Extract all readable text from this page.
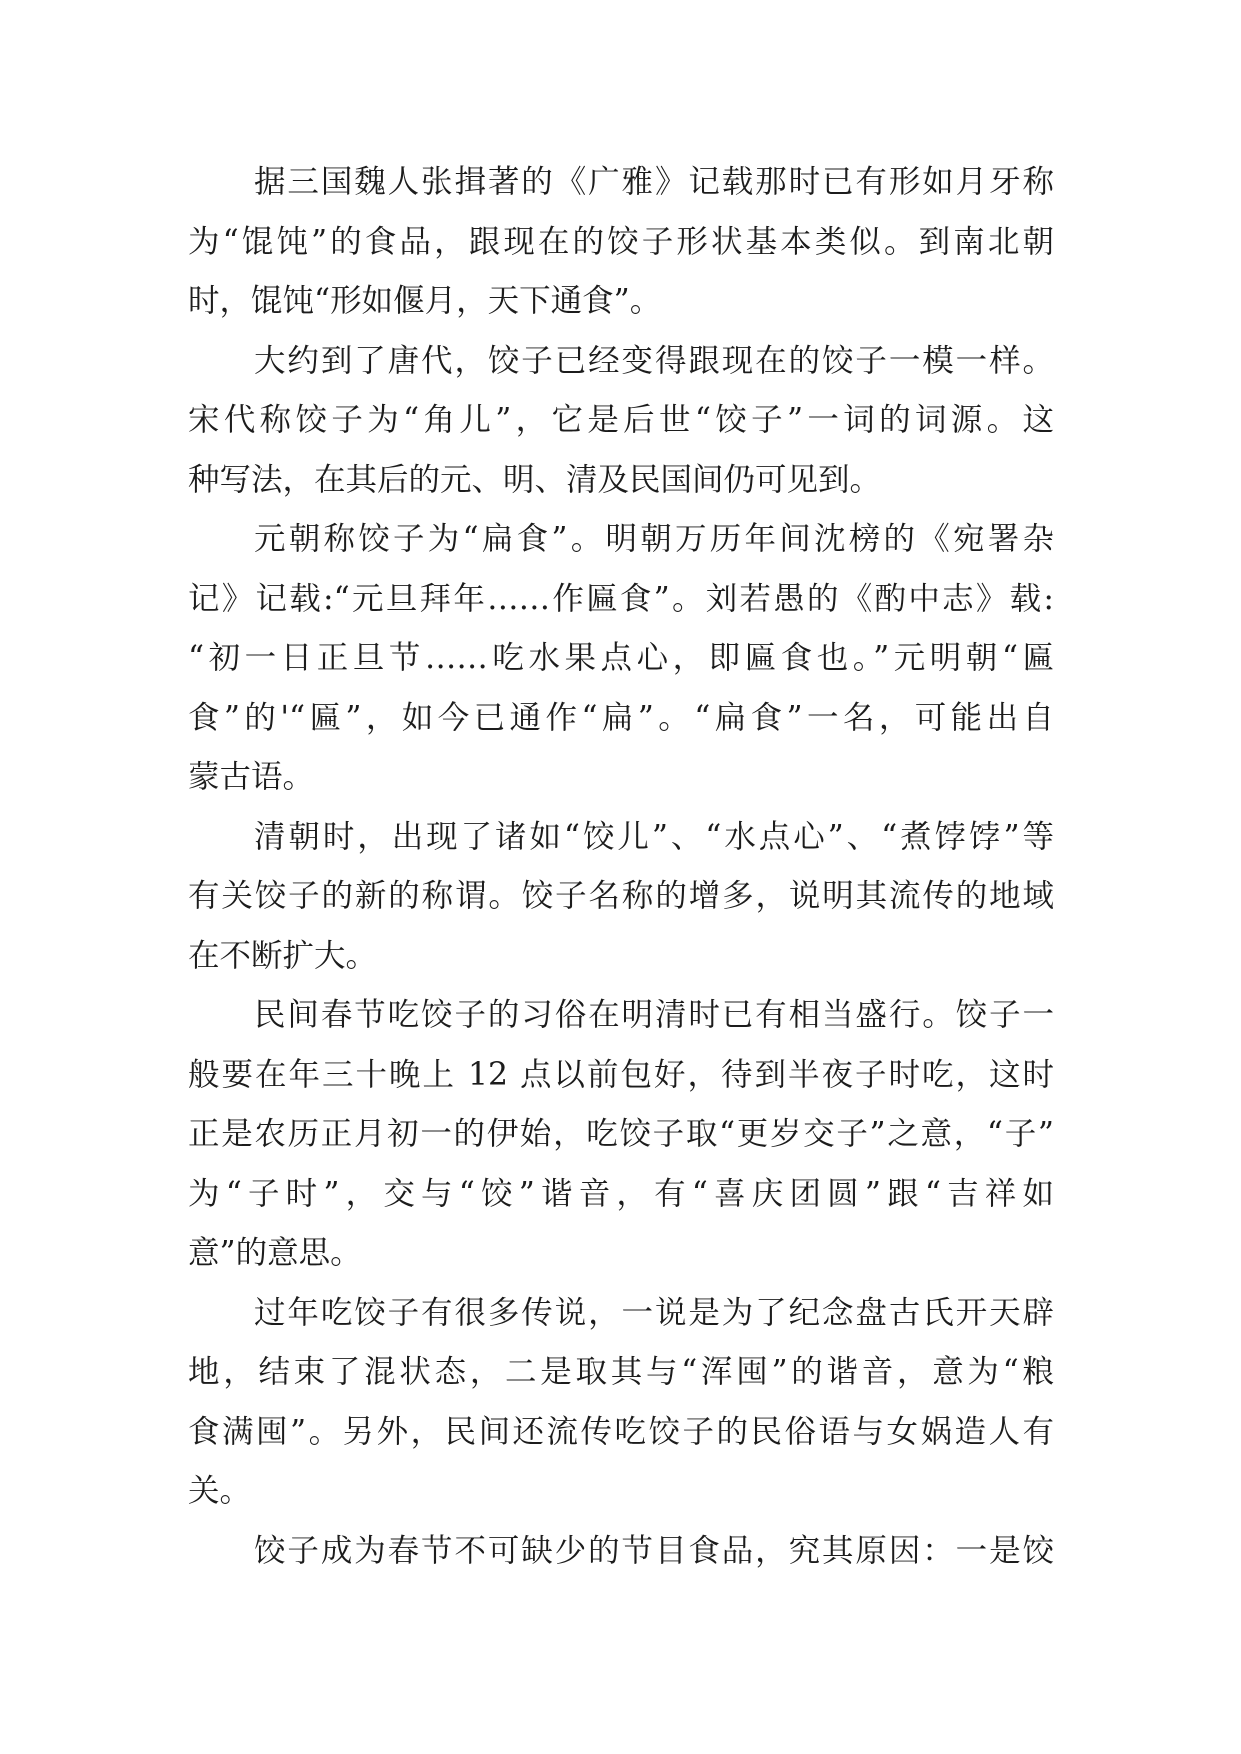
据三国魏人张揖著的《广雅》记载那时已有形如月牙称
为“馄饨”的食品，跟现在的饺子形状基本类似。到南北朝
时，馄饨“形如偃月，天下通食”。
大约到了唐代，饺子已经变得跟现在的饺子一模一样。
宋代称饺子为“角儿”，它是后世“饺子”一词的词源。这
种写法，在其后的元、明、清及民国间仍可见到。
元朝称饺子为“扁食”。明朝万历年间沈榜的《宛署杂
记》记载:“元旦拜年……作匾食”。刘若愚的《酌中志》载:
“初一日正旦节……吃水果点心，即匾食也。”元明朝“匾
食”的'“匾”，如今已通作“扁”。“扁食”一名，可能出自
蒙古语。
清朝时，出现了诸如“饺儿”、“水点心”、“煮饽饽”等
有关饺子的新的称谓。饺子名称的增多，说明其流传的地域
在不断扩大。
民间春节吃饺子的习俗在明清时已有相当盛行。饺子一
般要在年三十晚上 12 点以前包好，待到半夜子时吃，这时
正是农历正月初一的伊始，吃饺子取“更岁交子”之意，“子”
为“子时”，交与“饺”谐音，有“喜庆团圆”跟“吉祥如
意”的意思。
过年吃饺子有很多传说，一说是为了纪念盘古氏开天辟
地，结束了混状态，二是取其与“浑囤”的谐音，意为“粮
食满囤”。另外，民间还流传吃饺子的民俗语与女娲造人有
关。
饺子成为春节不可缺少的节目食品，究其原因：一是饺
